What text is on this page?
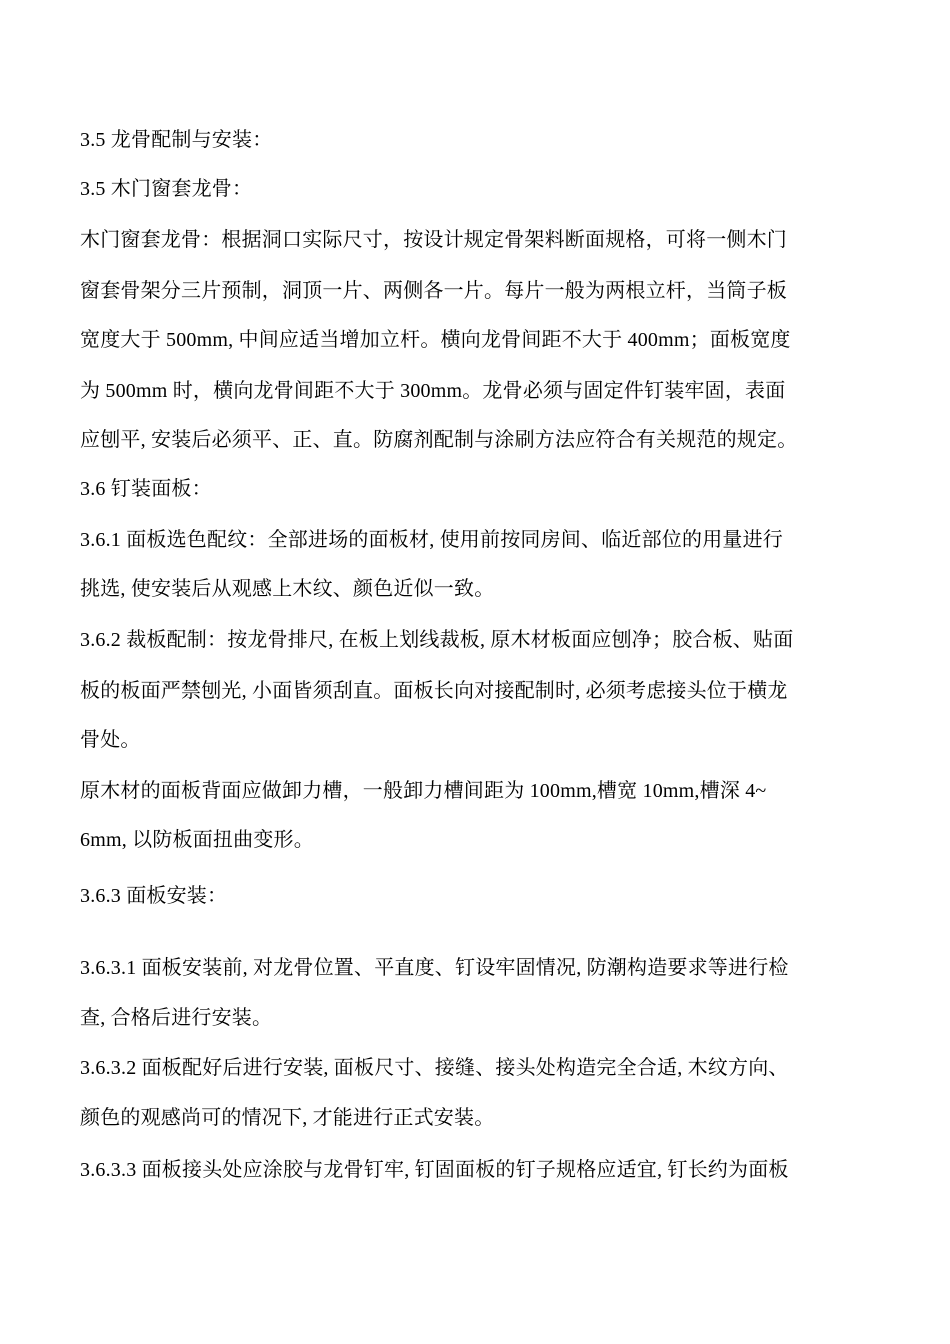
3.5 龙骨配制与安装：
3.5 木门窗套龙骨：
木门窗套龙骨：根据洞口实际尺寸，按设计规定骨架料断面规格，可将一侧木门
窗套骨架分三片预制，洞顶一片、两侧各一片。每片一般为两根立杆，当筒子板
宽度大于 500mm, 中间应适当增加立杆。横向龙骨间距不大于 400mm；面板宽度
为 500mm 时，横向龙骨间距不大于 300mm。龙骨必须与固定件钉装牢固，表面
应刨平, 安装后必须平、正、直。防腐剂配制与涂刷方法应符合有关规范的规定。
3.6 钉装面板：
3.6.1 面板选色配纹：全部进场的面板材, 使用前按同房间、临近部位的用量进行
挑选, 使安装后从观感上木纹、颜色近似一致。
3.6.2 裁板配制：按龙骨排尺, 在板上划线裁板, 原木材板面应刨净；胶合板、贴面
板的板面严禁刨光, 小面皆须刮直。面板长向对接配制时, 必须考虑接头位于横龙
骨处。
原木材的面板背面应做卸力槽，一般卸力槽间距为 100mm,槽宽 10mm,槽深 4~
6mm, 以防板面扭曲变形。
3.6.3 面板安装：
3.6.3.1 面板安装前, 对龙骨位置、平直度、钉设牢固情况, 防潮构造要求等进行检
查, 合格后进行安装。
3.6.3.2 面板配好后进行安装, 面板尺寸、接缝、接头处构造完全合适, 木纹方向、
颜色的观感尚可的情况下, 才能进行正式安装。
3.6.3.3 面板接头处应涂胶与龙骨钉牢, 钉固面板的钉子规格应适宜, 钉长约为面板
